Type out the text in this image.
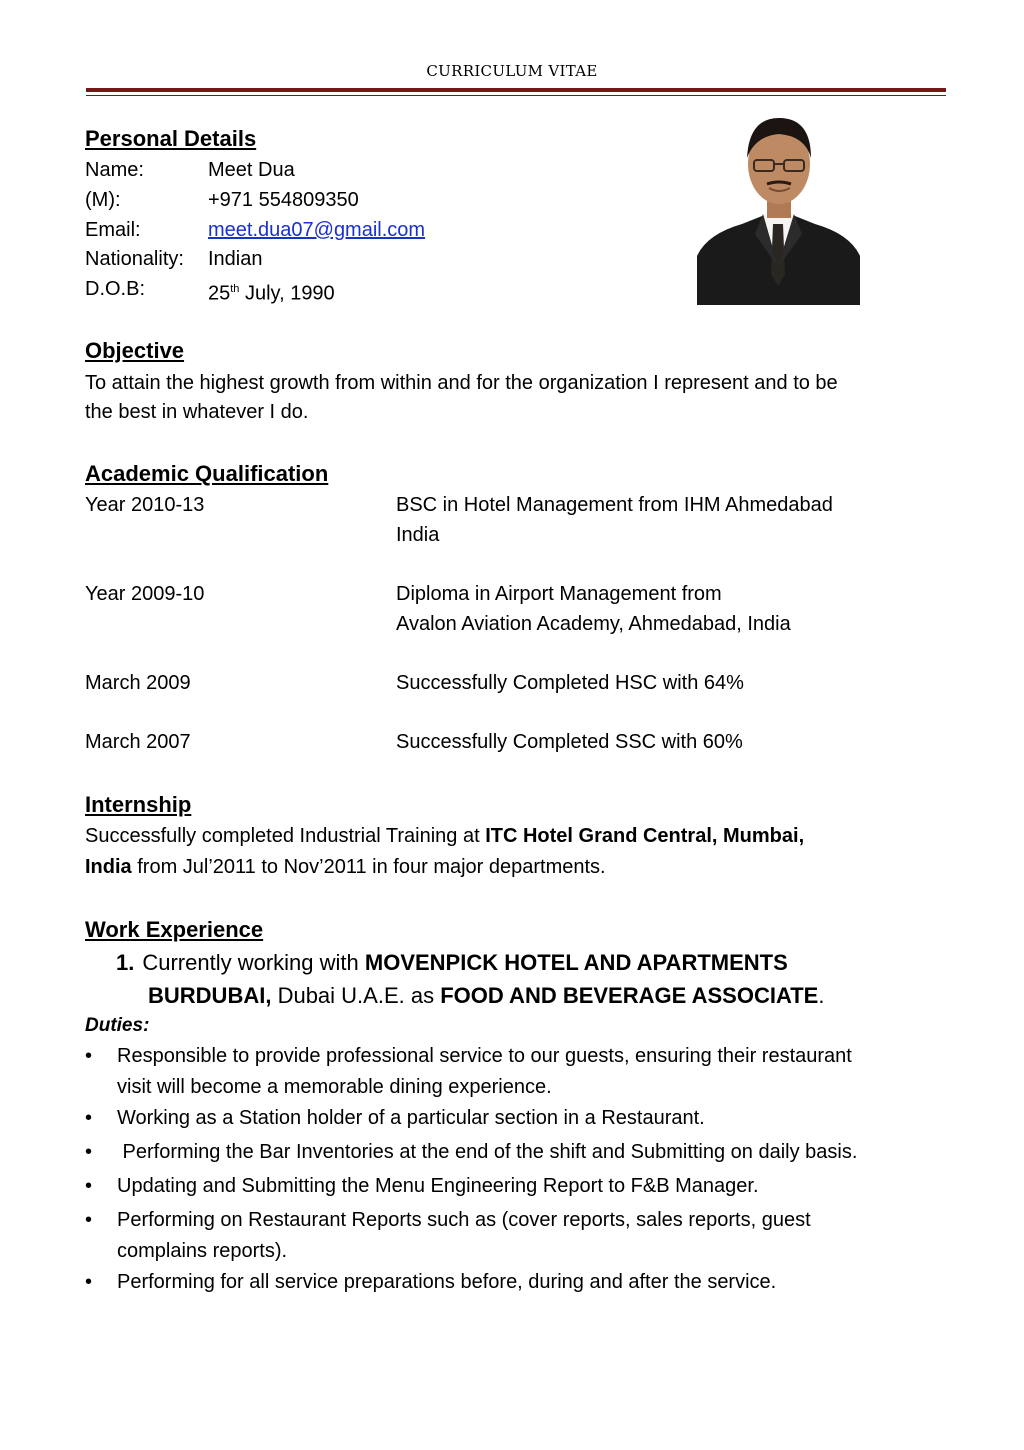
CURRICULUM VITAE
Personal Details
Name:	Meet Dua
(M):	+971 554809350
Email:	meet.dua07@gmail.com
Nationality: Indian
D.O.B:	25th July, 1990
Objective
To attain the highest growth from within and for the organization I represent and to be
the best in whatever I do.
Academic Qualification
Year 2010-13	BSC in Hotel Management from IHM Ahmedabad
India
Year 2009-10	Diploma in Airport Management from
Avalon Aviation Academy, Ahmedabad, India
March 2009	Successfully Completed HSC with 64%
March 2007	Successfully Completed SSC with 60%
Internship
Successfully completed Industrial Training at ITC Hotel Grand Central, Mumbai,
India from Jul’2011 to Nov’2011 in four major departments.
Work Experience
1. Currently working with MOVENPICK HOTEL AND APARTMENTS
BURDUBAI, Dubai U.A.E. as FOOD AND BEVERAGE ASSOCIATE.
Duties:
• Responsible to provide professional service to our guests, ensuring their restaurant
visit will become a memorable dining experience.
• Working as a Station holder of a particular section in a Restaurant.
• Performing the Bar Inventories at the end of the shift and Submitting on daily basis.
• Updating and Submitting the Menu Engineering Report to F&B Manager.
• Performing on Restaurant Reports such as (cover reports, sales reports, guest
complains reports).
• Performing for all service preparations before, during and after the service.
